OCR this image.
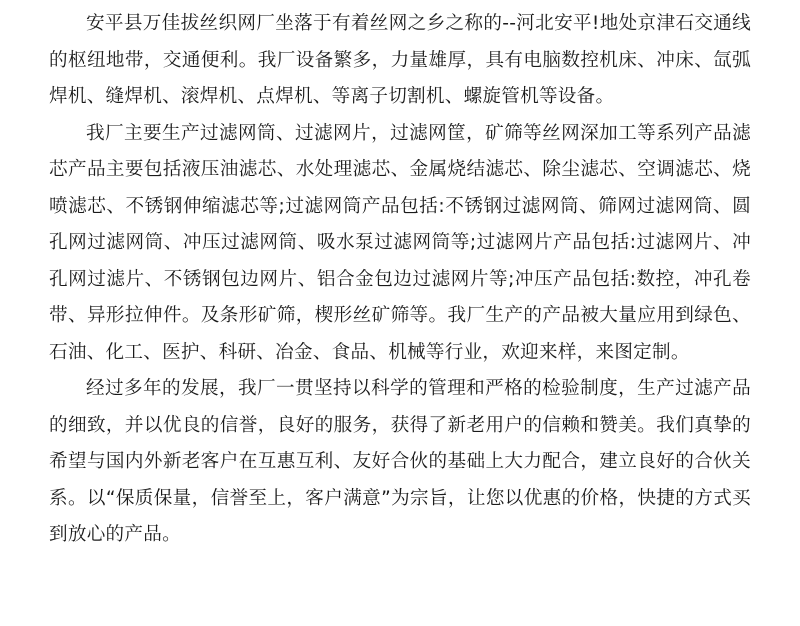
安平县万佳拔丝织网厂坐落于有着丝网之乡之称的--河北安平!地处京津石交通线的枢纽地带，交通便利。我厂设备繁多，力量雄厚，具有电脑数控机床、冲床、氙弧焊机、缝焊机、滚焊机、点焊机、等离子切割机、螺旋管机等设备。

我厂主要生产过滤网筒、过滤网片，过滤网筐，矿筛等丝网深加工等系列产品滤芯产品主要包括液压油滤芯、水处理滤芯、金属烧结滤芯、除尘滤芯、空调滤芯、烧喷滤芯、不锈钢伸缩滤芯等;过滤网筒产品包括:不锈钢过滤网筒、筛网过滤网筒、圆孔网过滤网筒、冲压过滤网筒、吸水泵过滤网筒等;过滤网片产品包括:过滤网片、冲孔网过滤片、不锈钢包边网片、铝合金包边过滤网片等;冲压产品包括:数控，冲孔卷带、异形拉伸件。及条形矿筛，楔形丝矿筛等。我厂生产的产品被大量应用到绿色、石油、化工、医护、科研、冶金、食品、机械等行业，欢迎来样，来图定制。

经过多年的发展，我厂一贯坚持以科学的管理和严格的检验制度，生产过滤产品的细致，并以优良的信誉，良好的服务，获得了新老用户的信赖和赞美。我们真挚的希望与国内外新老客户在互惠互利、友好合伙的基础上大力配合，建立良好的合伙关系。以“保质保量，信誉至上，客户满意”为宗旨，让您以优惠的价格，快捷的方式买到放心的产品。
